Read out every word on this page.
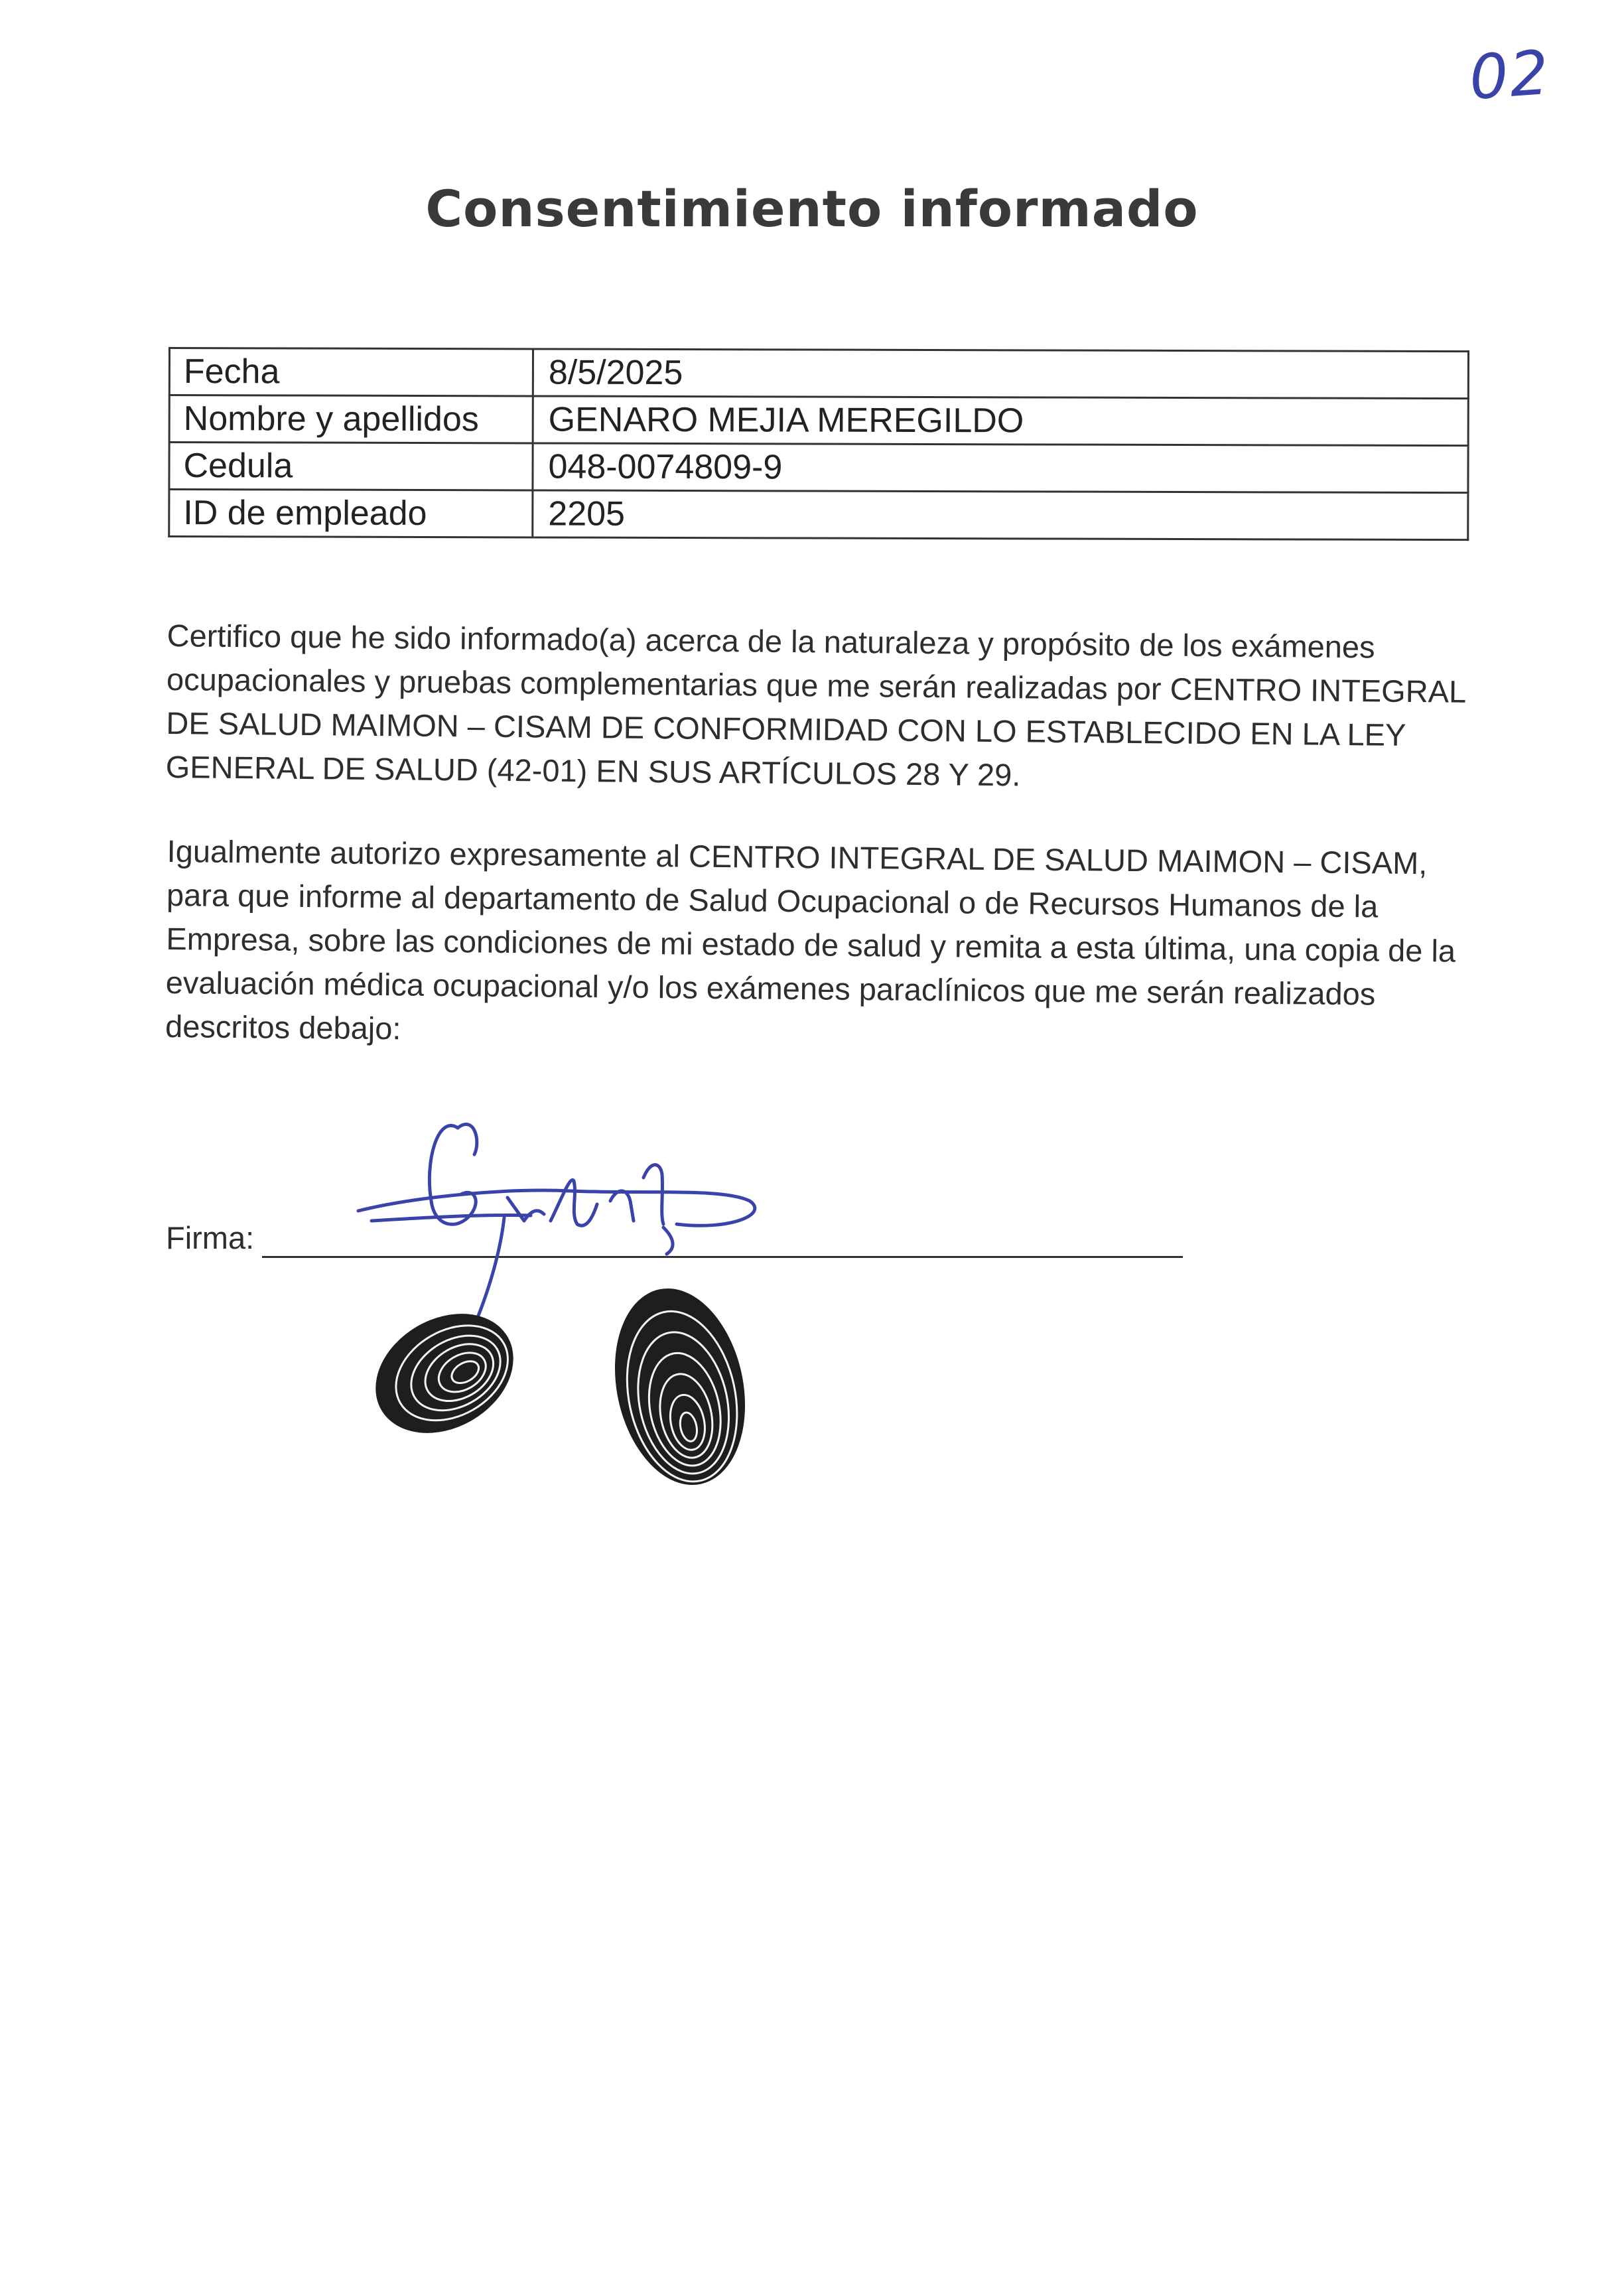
02
Consentimiento informado
Fecha	8/5/2025
Nombre y apellidos	GENARO MEJIA MEREGILDO
Cedula	048-0074809-9
ID de empleado	2205

Certifico que he sido informado(a) acerca de la naturaleza y propósito de los exámenes ocupacionales y pruebas complementarias que me serán realizadas por CENTRO INTEGRAL DE SALUD MAIMON – CISAM DE CONFORMIDAD CON LO ESTABLECIDO EN LA LEY GENERAL DE SALUD (42-01) EN SUS ARTÍCULOS 28 Y 29.

Igualmente autorizo expresamente al CENTRO INTEGRAL DE SALUD MAIMON – CISAM, para que informe al departamento de Salud Ocupacional o de Recursos Humanos de la Empresa, sobre las condiciones de mi estado de salud y remita a esta última, una copia de la evaluación médica ocupacional y/o los exámenes paraclínicos que me serán realizados descritos debajo:

Firma:
